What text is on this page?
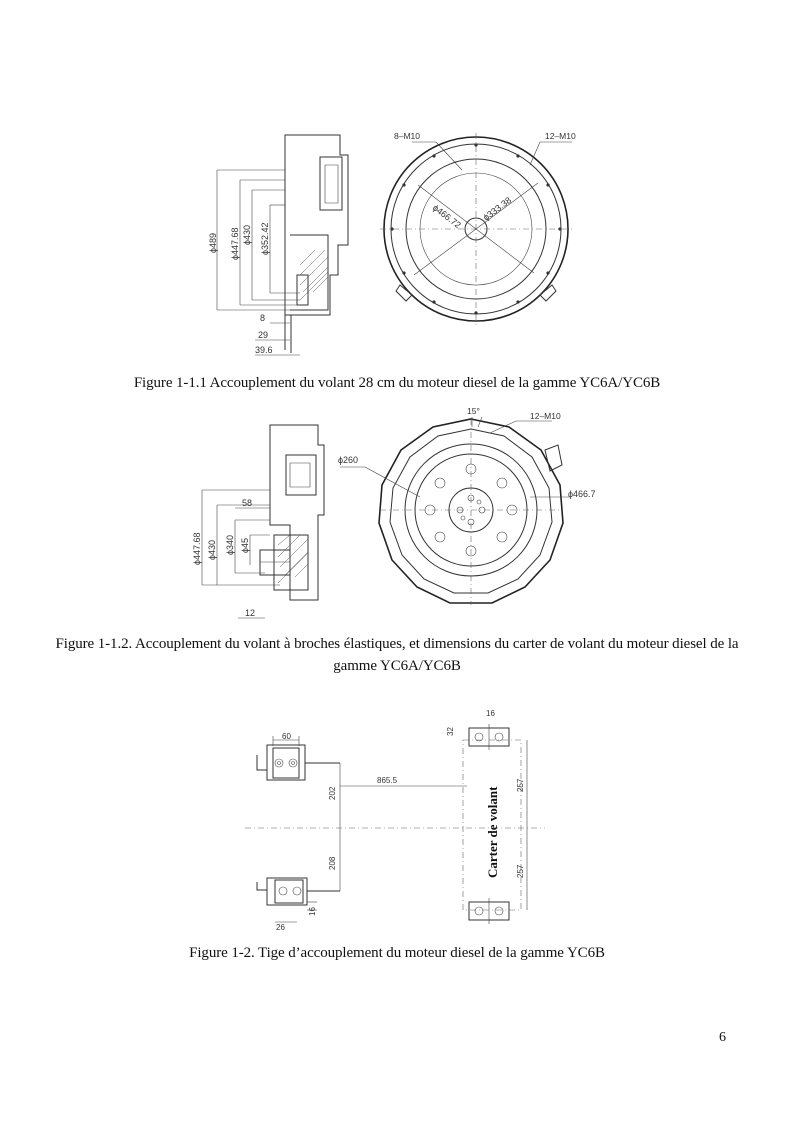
ϕ489 ϕ447.68 ϕ430 ϕ352.42
8
29
39.6
8–M10	12–M10
ϕ466.72 ϕ333.38
Figure 1-1.1 Accouplement du volant 28 cm du moteur diesel de la gamme YC6A/YC6B
ϕ447.68 ϕ430 ϕ340 ϕ45
58
12
15°	12–M10
ϕ260
ϕ466.7
Figure 1-1.2. Accouplement du volant à broches élastiques, et dimensions du carter de volant du moteur diesel de la gamme YC6A/YC6B
60
26
16
202
208
865.5
16
32
257
257
Carter de volant
Figure 1-2. Tige d’accouplement du moteur diesel de la gamme YC6B
6
